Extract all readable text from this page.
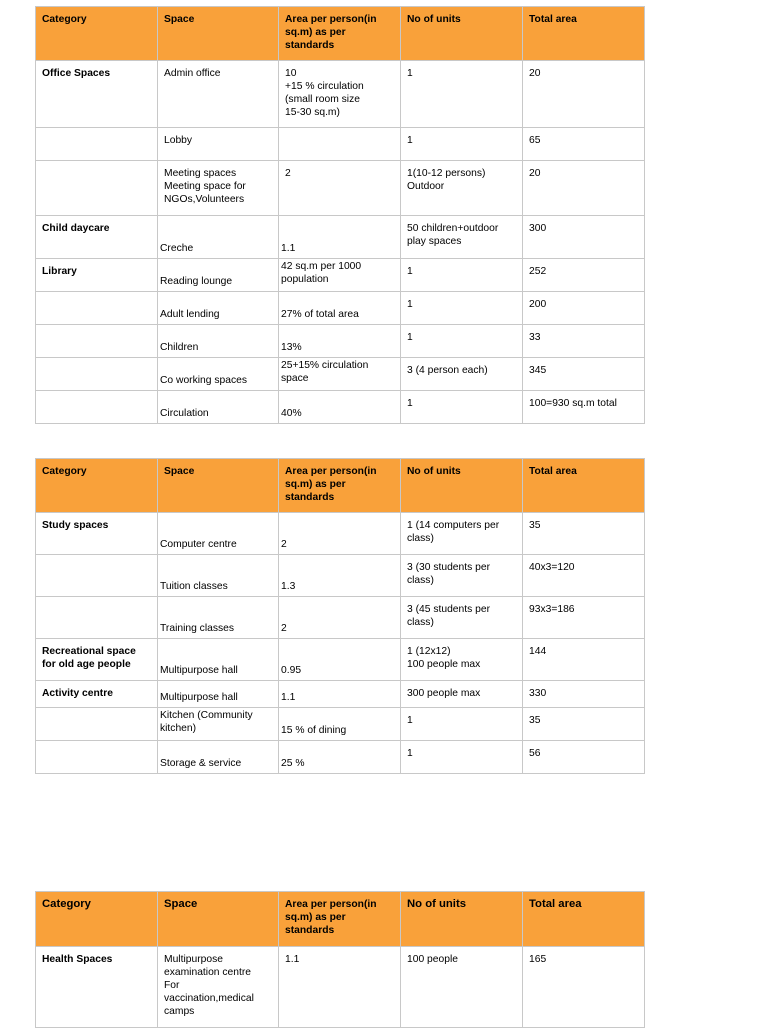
Category	Space	Area per person(in sq.m) as per standards	No of units	Total area

Office Spaces	Admin office	10
+15 % circulation
(small room size
15-30 sq.m)	1	20

	Lobby		1	65

	Meeting spaces
Meeting space for
NGOs,Volunteers	2	1(10-12 persons)
Outdoor	20

Child daycare	Creche	1.1	50 children+outdoor
play spaces	300

Library	Reading lounge	42 sq.m per 1000
population	1	252

	Adult lending	27% of total area	1	200

	Children	13%	1	33

	Co working spaces	25+15% circulation
space	3 (4 person each)	345

	Circulation	40%	1	100=930 sq.m total
Category	Space	Area per person(in sq.m) as per standards	No of units	Total area

Study spaces	Computer centre	2	1 (14 computers per
class)	35

	Tuition classes	1.3	3 (30 students per
class)	40x3=120

	Training classes	2	3 (45 students per
class)	93x3=186

Recreational space
for old age people	Multipurpose hall	0.95	1 (12x12)
100 people max	144

Activity centre	Multipurpose hall	1.1	300 people max	330

	Kitchen (Community
kitchen)	15 % of dining	1	35

	Storage & service	25 %	1	56
Category	Space	Area per person(in sq.m) as per standards	No of units	Total area

Health Spaces	Multipurpose
examination centre
For
vaccination,medical
camps	1.1	100 people	165
